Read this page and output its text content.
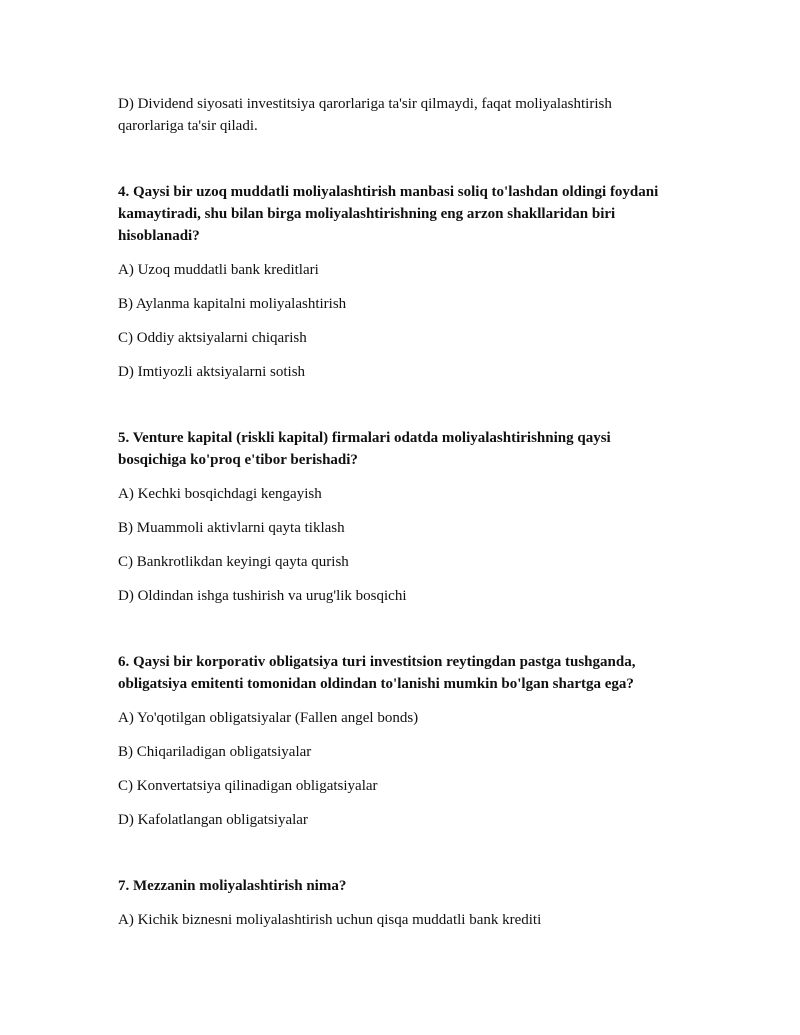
D) Dividend siyosati investitsiya qarorlariga ta'sir qilmaydi, faqat moliyalashtirish qarorlariga ta'sir qiladi.

4. Qaysi bir uzoq muddatli moliyalashtirish manbasi soliq to'lashdan oldingi foydani kamaytiradi, shu bilan birga moliyalashtirishning eng arzon shakllaridan biri hisoblanadi?

A) Uzoq muddatli bank kreditlari

B) Aylanma kapitalni moliyalashtirish

C) Oddiy aktsiyalarni chiqarish

D) Imtiyozli aktsiyalarni sotish

5. Venture kapital (riskli kapital) firmalari odatda moliyalashtirishning qaysi bosqichiga ko'proq e'tibor berishadi?

A) Kechki bosqichdagi kengayish

B) Muammoli aktivlarni qayta tiklash

C) Bankrotlikdan keyingi qayta qurish

D) Oldindan ishga tushirish va urug'lik bosqichi

6. Qaysi bir korporativ obligatsiya turi investitsion reytingdan pastga tushganda, obligatsiya emitenti tomonidan oldindan to'lanishi mumkin bo'lgan shartga ega?

A) Yo'qotilgan obligatsiyalar (Fallen angel bonds)

B) Chiqariladigan obligatsiyalar

C) Konvertatsiya qilinadigan obligatsiyalar

D) Kafolatlangan obligatsiyalar

7. Mezzanin moliyalashtirish nima?

A) Kichik biznesni moliyalashtirish uchun qisqa muddatli bank krediti
